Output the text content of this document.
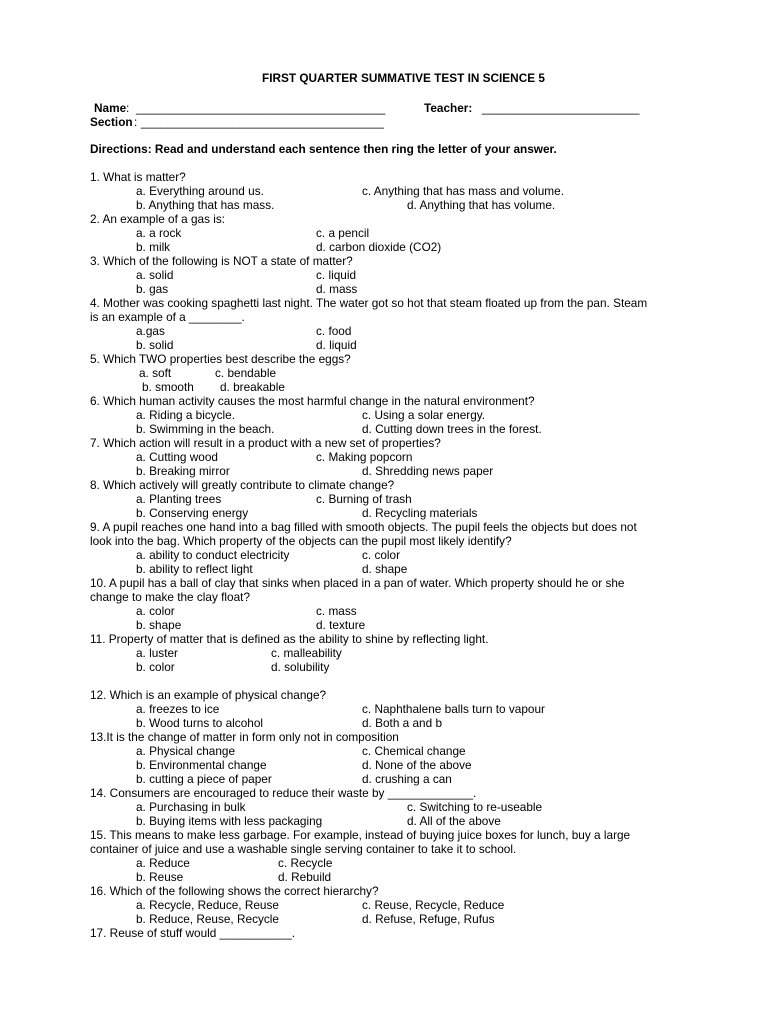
FIRST QUARTER SUMMATIVE TEST IN SCIENCE 5
Name : ______________________________________	Teacher: ________________________
Section : _____________________________________
Directions: Read and understand each sentence then ring the letter of your answer.
1. What is matter?
a. Everything around us.	c. Anything that has mass and volume.
b. Anything that has mass.	d. Anything that has volume.
2. An example of a gas is:
a. a rock	c. a pencil
b. milk	d. carbon dioxide (CO2)
3. Which of the following is NOT a state of matter?
a. solid	c. liquid
b. gas	d. mass
4. Mother was cooking spaghetti last night. The water got so hot that steam floated up from the pan. Steam
is an example of a ________.
a.gas	c. food
b. solid	d. liquid
5. Which TWO properties best describe the eggs?
a. soft	c. bendable
b. smooth d. breakable
6. Which human activity causes the most harmful change in the natural environment?
a. Riding a bicycle.	c. Using a solar energy.
b. Swimming in the beach.	d. Cutting down trees in the forest.
7. Which action will result in a product with a new set of properties?
a. Cutting wood	c. Making popcorn
b. Breaking mirror	d. Shredding news paper
8. Which actively will greatly contribute to climate change?
a. Planting trees	c. Burning of trash
b. Conserving energy	d. Recycling materials
9. A pupil reaches one hand into a bag filled with smooth objects. The pupil feels the objects but does not
look into the bag. Which property of the objects can the pupil most likely identify?
a. ability to conduct electricity	c. color
b. ability to reflect light	d. shape
10. A pupil has a ball of clay that sinks when placed in a pan of water. Which property should he or she
change to make the clay float?
a. color	c. mass
b. shape	d. texture
11. Property of matter that is defined as the ability to shine by reflecting light.
a. luster	c. malleability
b. color	d. solubility
12. Which is an example of physical change?
a. freezes to ice	c. Naphthalene balls turn to vapour
b. Wood turns to alcohol	d. Both a and b
13.It is the change of matter in form only not in composition
a. Physical change	c. Chemical change
b. Environmental change	d. None of the above
b. cutting a piece of paper	d. crushing a can
14. Consumers are encouraged to reduce their waste by _____________.
a. Purchasing in bulk	c. Switching to re-useable
b. Buying items with less packaging	d. All of the above
15. This means to make less garbage. For example, instead of buying juice boxes for lunch, buy a large
container of juice and use a washable single serving container to take it to school.
a. Reduce	c. Recycle
b. Reuse	d. Rebuild
16. Which of the following shows the correct hierarchy?
a. Recycle, Reduce, Reuse	c. Reuse, Recycle, Reduce
b. Reduce, Reuse, Recycle	d. Refuse, Refuge, Rufus
17. Reuse of stuff would ___________.
